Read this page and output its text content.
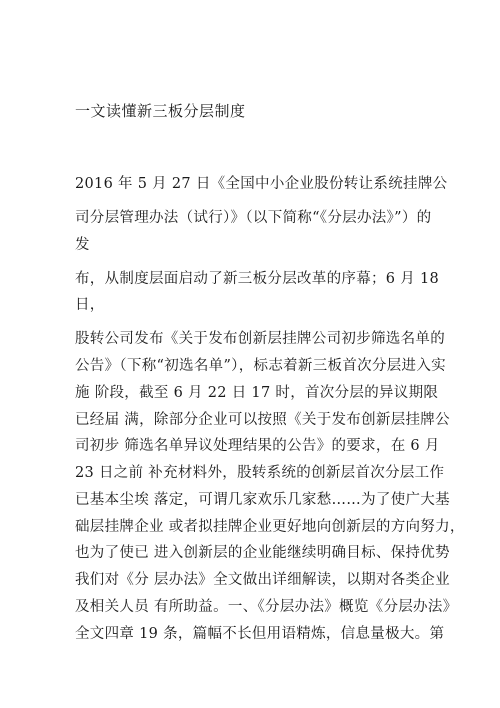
一文读懂新三板分层制度
2016 年 5 月 27 日《全国中小企业股份转让系统挂牌公
司分层管理办法（试行）》（以下简称“《分层办法》”）的
发
布，从制度层面启动了新三板分层改革的序幕；6 月 18
日，
股转公司发布《关于发布创新层挂牌公司初步筛选名单的
公告》（下称“初选名单”），标志着新三板首次分层进入实
施 阶段，截至 6 月 22 日 17 时，首次分层的异议期限
已经届 满，除部分企业可以按照《关于发布创新层挂牌公
司初步 筛选名单异议处理结果的公告》的要求，在 6 月
23 日之前 补充材料外，股转系统的创新层首次分层工作
已基本尘埃 落定，可谓几家欢乐几家愁……为了使广大基
础层挂牌企业 或者拟挂牌企业更好地向创新层的方向努力，
也为了使已 进入创新层的企业能继续明确目标、保持优势
我们对《分 层办法》全文做出详细解读，以期对各类企业
及相关人员 有所助益。一、《分层办法》概览《分层办法》
全文四章 19 条，篇幅不长但用语精炼，信息量极大。第
